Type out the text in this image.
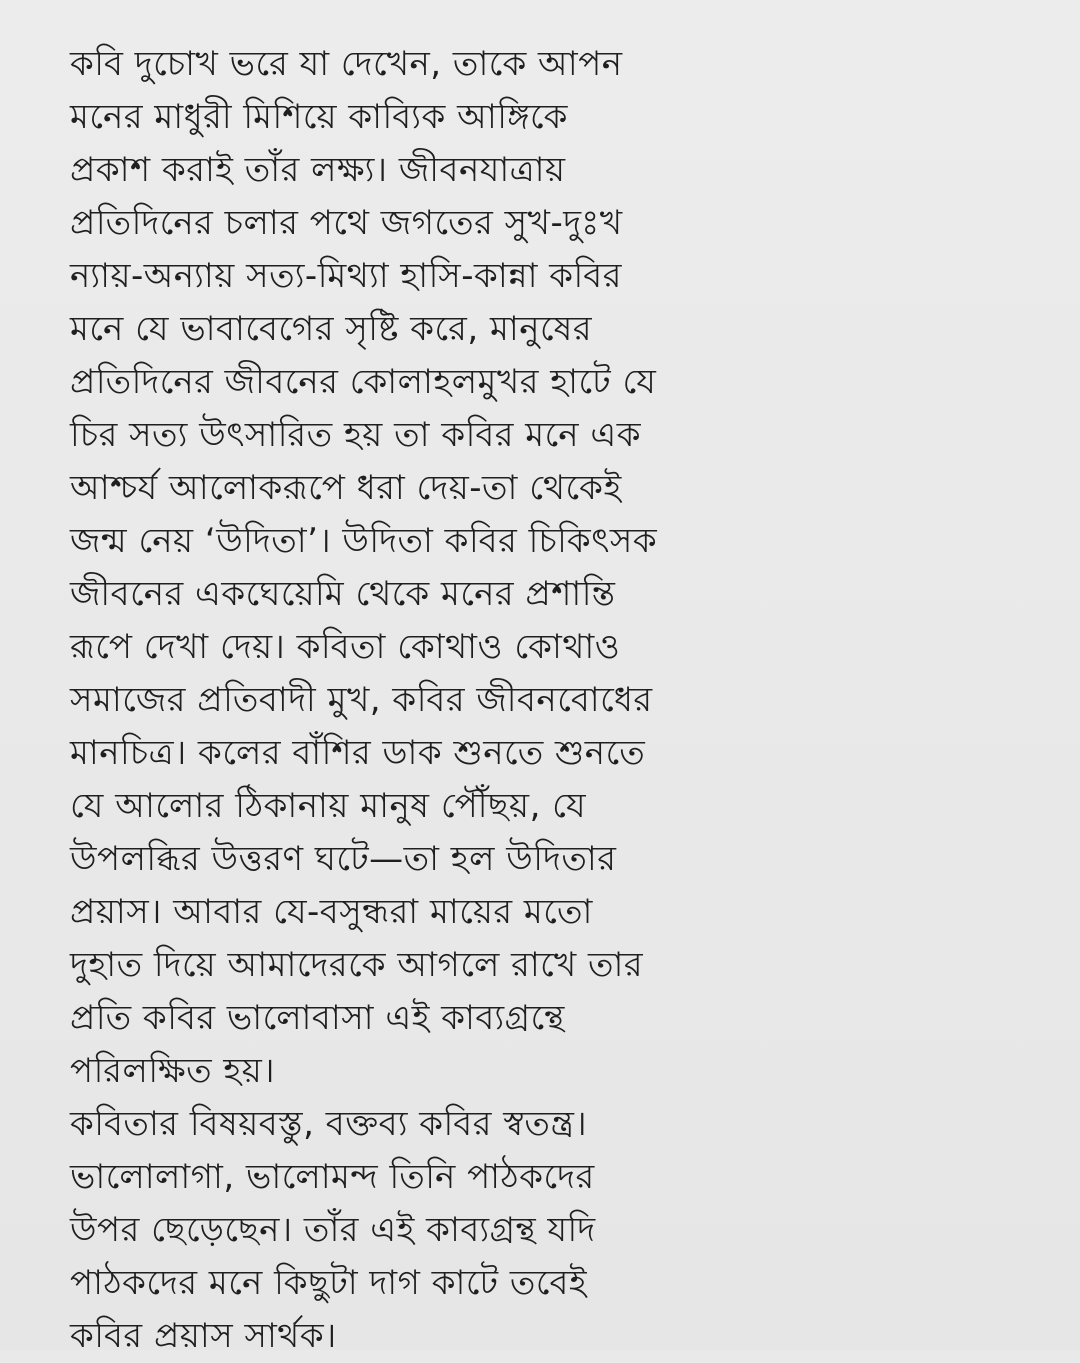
কবি দুচোখ ভরে যা দেখেন, তাকে আপন
মনের মাধুরী মিশিয়ে কাব্যিক আঙ্গিকে
প্রকাশ করাই তাঁর লক্ষ্য। জীবনযাত্রায়
প্রতিদিনের চলার পথে জগতের সুখ-দুঃখ
ন্যায়-অন্যায় সত্য-মিথ্যা হাসি-কান্না কবির
মনে যে ভাবাবেগের সৃষ্টি করে, মানুষের
প্রতিদিনের জীবনের কোলাহলমুখর হাটে যে
চির সত্য উৎসারিত হয় তা কবির মনে এক
আশ্চর্য আলোকরূপে ধরা দেয়-তা থেকেই
জন্ম নেয় ‘উদিতা’। উদিতা কবির চিকিৎসক
জীবনের একঘেয়েমি থেকে মনের প্রশান্তি
রূপে দেখা দেয়। কবিতা কোথাও কোথাও
সমাজের প্রতিবাদী মুখ, কবির জীবনবোধের
মানচিত্র। কলের বাঁশির ডাক শুনতে শুনতে
যে আলোর ঠিকানায় মানুষ পৌঁছয়, যে
উপলব্ধির উত্তরণ ঘটে—তা হল উদিতার
প্রয়াস। আবার যে-বসুন্ধরা মায়ের মতো
দুহাত দিয়ে আমাদেরকে আগলে রাখে তার
প্রতি কবির ভালোবাসা এই কাব্যগ্রন্থে
পরিলক্ষিত হয়।
কবিতার বিষয়বস্তু, বক্তব্য কবির স্বতন্ত্র।
ভালোলাগা, ভালোমন্দ তিনি পাঠকদের
উপর ছেড়েছেন। তাঁর এই কাব্যগ্রন্থ যদি
পাঠকদের মনে কিছুটা দাগ কাটে তবেই
কবির প্রয়াস সার্থক।
